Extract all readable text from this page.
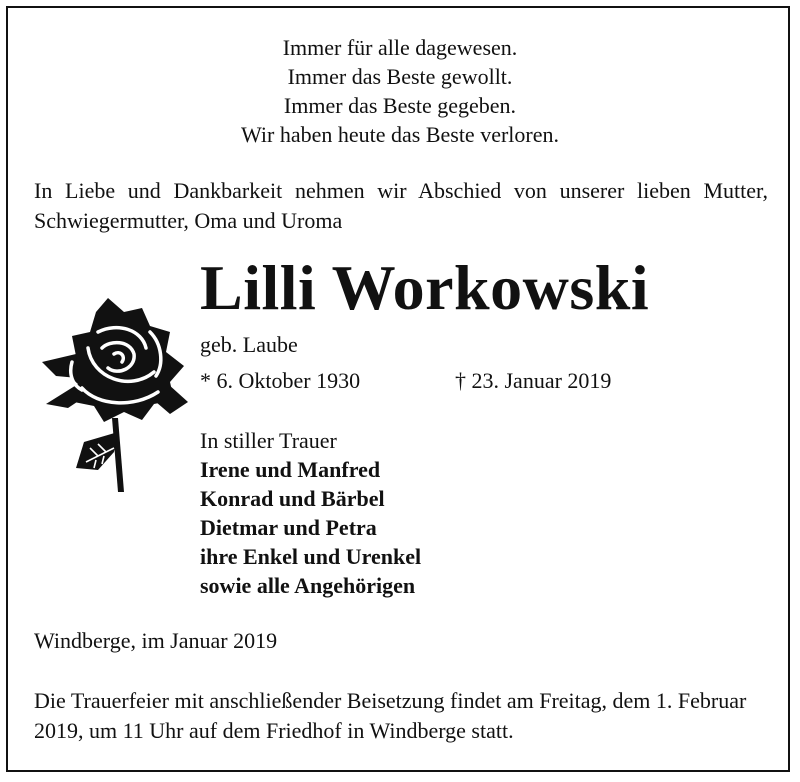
Immer für alle dagewesen.
Immer das Beste gewollt.
Immer das Beste gegeben.
Wir haben heute das Beste verloren.
In Liebe und Dankbarkeit nehmen wir Abschied von unserer lieben Mutter, Schwiegermutter, Oma und Uroma
Lilli Workowski
geb. Laube
* 6. Oktober 1930	† 23. Januar 2019
In stiller Trauer
Irene und Manfred
Konrad und Bärbel
Dietmar und Petra
ihre Enkel und Urenkel
sowie alle Angehörigen
Windberge, im Januar 2019
Die Trauerfeier mit anschließender Beisetzung findet am Freitag, dem 1. Februar 2019, um 11 Uhr auf dem Friedhof in Windberge statt.
